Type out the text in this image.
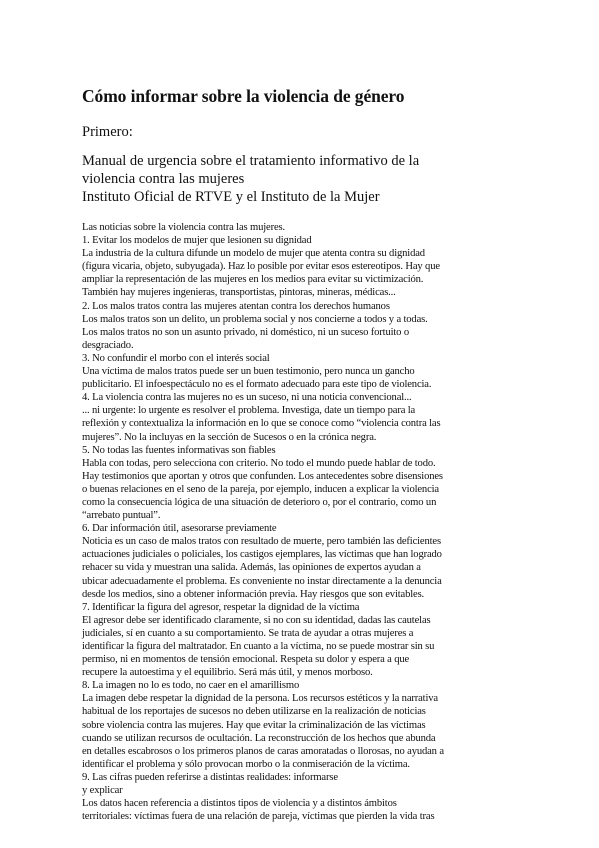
Cómo informar sobre la violencia de género

Primero:

Manual de urgencia sobre el tratamiento informativo de la
violencia contra las mujeres
Instituto Oficial de RTVE y el Instituto de la Mujer
Las noticias sobre la violencia contra las mujeres.
1. Evitar los modelos de mujer que lesionen su dignidad
La industria de la cultura difunde un modelo de mujer que atenta contra su dignidad
(figura vicaria, objeto, subyugada). Haz lo posible por evitar esos estereotipos. Hay que
ampliar la representación de las mujeres en los medios para evitar su victimización.
También hay mujeres ingenieras, transportistas, pintoras, mineras, médicas...
2. Los malos tratos contra las mujeres atentan contra los derechos humanos
Los malos tratos son un delito, un problema social y nos concierne a todos y a todas.
Los malos tratos no son un asunto privado, ni doméstico, ni un suceso fortuito o
desgraciado.
3. No confundir el morbo con el interés social
Una víctima de malos tratos puede ser un buen testimonio, pero nunca un gancho
publicitario. El infoespectáculo no es el formato adecuado para este tipo de violencia.
4. La violencia contra las mujeres no es un suceso, ni una noticia convencional...
... ni urgente: lo urgente es resolver el problema. Investiga, date un tiempo para la
reflexión y contextualiza la información en lo que se conoce como “violencia contra las
mujeres”. No la incluyas en la sección de Sucesos o en la crónica negra.
5. No todas las fuentes informativas son fiables
Habla con todas, pero selecciona con criterio. No todo el mundo puede hablar de todo.
Hay testimonios que aportan y otros que confunden. Los antecedentes sobre disensiones
o buenas relaciones en el seno de la pareja, por ejemplo, inducen a explicar la violencia
como la consecuencia lógica de una situación de deterioro o, por el contrario, como un
“arrebato puntual”.
6. Dar información útil, asesorarse previamente
Noticia es un caso de malos tratos con resultado de muerte, pero también las deficientes
actuaciones judiciales o policiales, los castigos ejemplares, las víctimas que han logrado
rehacer su vida y muestran una salida. Además, las opiniones de expertos ayudan a
ubicar adecuadamente el problema. Es conveniente no instar directamente a la denuncia
desde los medios, sino a obtener información previa. Hay riesgos que son evitables.
7. Identificar la figura del agresor, respetar la dignidad de la víctima
El agresor debe ser identificado claramente, si no con su identidad, dadas las cautelas
judiciales, sí en cuanto a su comportamiento. Se trata de ayudar a otras mujeres a
identificar la figura del maltratador. En cuanto a la víctima, no se puede mostrar sin su
permiso, ni en momentos de tensión emocional. Respeta su dolor y espera a que
recupere la autoestima y el equilibrio. Será más útil, y menos morboso.
8. La imagen no lo es todo, no caer en el amarillismo
La imagen debe respetar la dignidad de la persona. Los recursos estéticos y la narrativa
habitual de los reportajes de sucesos no deben utilizarse en la realización de noticias
sobre violencia contra las mujeres. Hay que evitar la criminalización de las víctimas
cuando se utilizan recursos de ocultación. La reconstrucción de los hechos que abunda
en detalles escabrosos o los primeros planos de caras amoratadas o llorosas, no ayudan a
identificar el problema y sólo provocan morbo o la conmiseración de la víctima.
9. Las cifras pueden referirse a distintas realidades: informarse
y explicar
Los datos hacen referencia a distintos tipos de violencia y a distintos ámbitos
territoriales: víctimas fuera de una relación de pareja, víctimas que pierden la vida tras
